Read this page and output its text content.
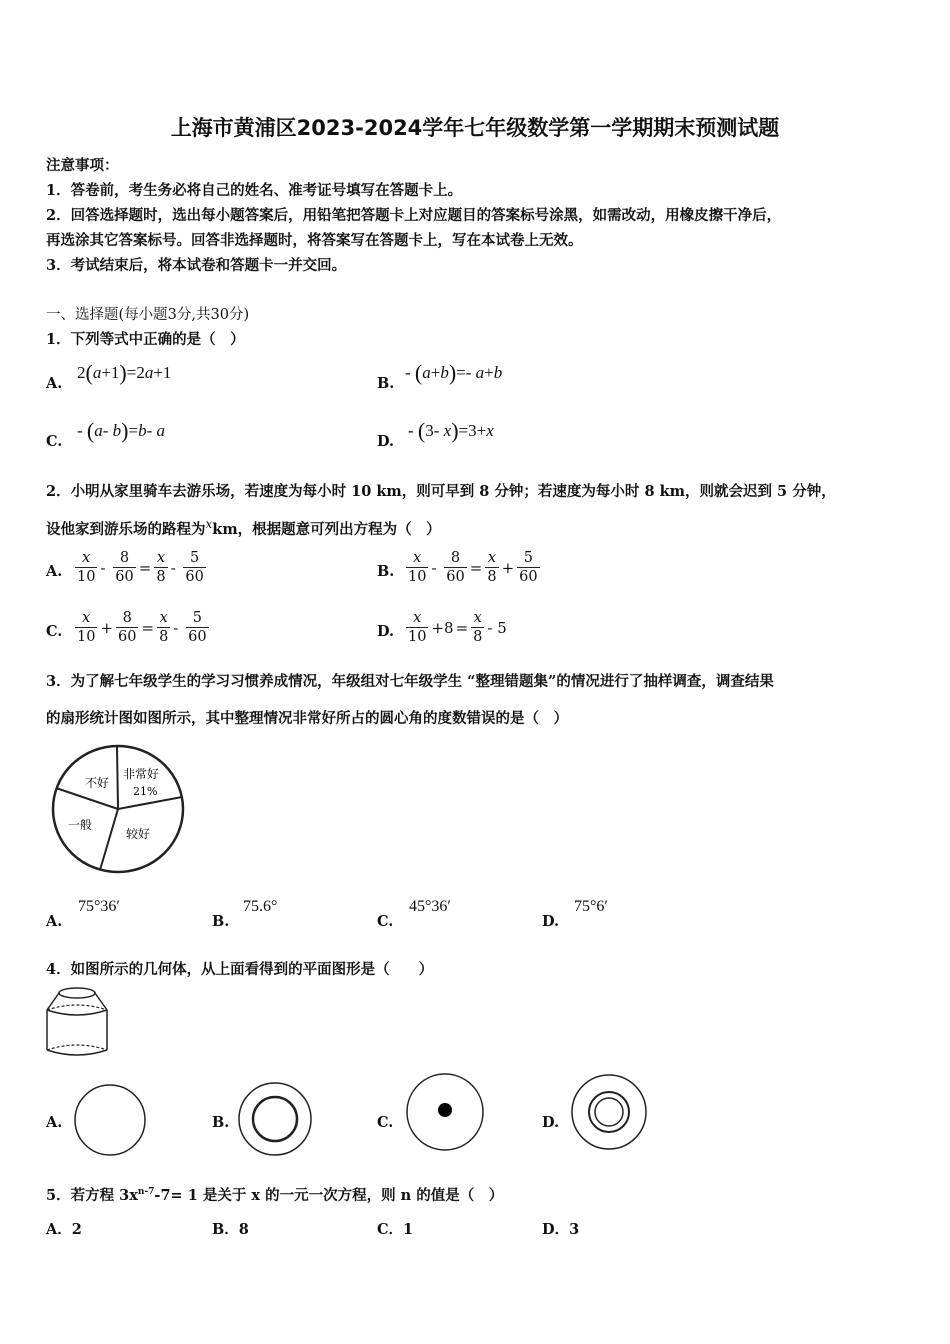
上海市黄浦区2023-2024学年七年级数学第一学期期末预测试题
注意事项：
1．答卷前，考生务必将自己的姓名、准考证号填写在答题卡上。
2．回答选择题时，选出每小题答案后，用铅笔把答题卡上对应题目的答案标号涂黑，如需改动，用橡皮擦干净后，
再选涂其它答案标号。回答非选择题时，将答案写在答题卡上，写在本试卷上无效。
3．考试结束后，将本试卷和答题卡一并交回。
一、选择题(每小题3分,共30分)
1．下列等式中正确的是（　）
A.
2(a+1)=2a+1
B.
- (a+b)=- a+b
C.
- (a- b)=b- a
D.
- (3- x)=3+x
2．小明从家里骑车去游乐场，若速度为每小时 10 km，则可早到 8 分钟；若速度为每小时 8 km，则就会迟到 5 分钟，
设他家到游乐场的路程为$^x$km，根据题意可列出方程为（　）
A. $\frac{x}{10} - \frac{8}{60} = \frac{x}{8} - \frac{5}{60}$	B. $\frac{x}{10} - \frac{8}{60} = \frac{x}{8} + \frac{5}{60}$
C. $\frac{x}{10} + \frac{8}{60} = \frac{x}{8} - \frac{5}{60}$	D. $\frac{x}{10} +8 = \frac{x}{8} - 5$
3．为了解七年级学生的学习习惯养成情况，年级组对七年级学生 “整理错题集”的情况进行了抽样调查，调查结果
的扇形统计图如图所示，其中整理情况非常好所占的圆心角的度数错误的是（　）
不好
非常好
21%
一般
较好
A.
75°36′
B.
75.6°
C.
45°36′
D.
75°6′
4．如图所示的几何体，从上面看得到的平面图形是（　　）
A.	B.	C.	D.
5．若方程 $3x^{n-7}-7= 1$ 是关于 x 的一元一次方程，则 n 的值是（　）
A．2	B．8	C．1	D．3
